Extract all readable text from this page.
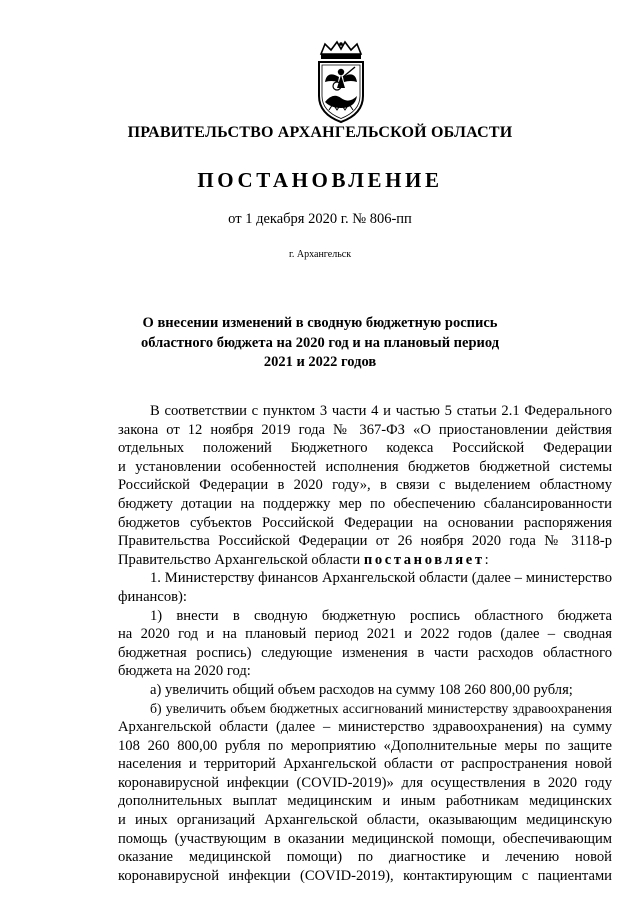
ПРАВИТЕЛЬСТВО АРХАНГЕЛЬСКОЙ ОБЛАСТИ
ПОСТАНОВЛЕНИЕ
от 1 декабря 2020 г. № 806-пп
г. Архангельск
О внесении изменений в сводную бюджетную роспись
областного бюджета на 2020 год и на плановый период
2021 и 2022 годов
В соответствии с пунктом 3 части 4 и частью 5 статьи 2.1 Федерального
закона от 12 ноября 2019 года № 367-ФЗ «О приостановлении действия
отдельных положений Бюджетного кодекса Российской Федерации
и установлении особенностей исполнения бюджетов бюджетной системы
Российской Федерации в 2020 году», в связи с выделением областному
бюджету дотации на поддержку мер по обеспечению сбалансированности
бюджетов субъектов Российской Федерации на основании распоряжения
Правительства Российской Федерации от 26 ноября 2020 года № 3118-р
Правительство Архангельской области постановляет:
1. Министерству финансов Архангельской области (далее – министерство
финансов):
1) внести в сводную бюджетную роспись областного бюджета
на 2020 год и на плановый период 2021 и 2022 годов (далее – сводная
бюджетная роспись) следующие изменения в части расходов областного
бюджета на 2020 год:
а) увеличить общий объем расходов на сумму 108 260 800,00 рубля;
б) увеличить объем бюджетных ассигнований министерству здравоохранения
Архангельской области (далее – министерство здравоохранения) на сумму
108 260 800,00 рубля по мероприятию «Дополнительные меры по защите
населения и территорий Архангельской области от распространения новой
коронавирусной инфекции (COVID-2019)» для осуществления в 2020 году
дополнительных выплат медицинским и иным работникам медицинских
и иных организаций Архангельской области, оказывающим медицинскую
помощь (участвующим в оказании медицинской помощи, обеспечивающим
оказание медицинской помощи) по диагностике и лечению новой
коронавирусной инфекции (COVID-2019), контактирующим с пациентами
